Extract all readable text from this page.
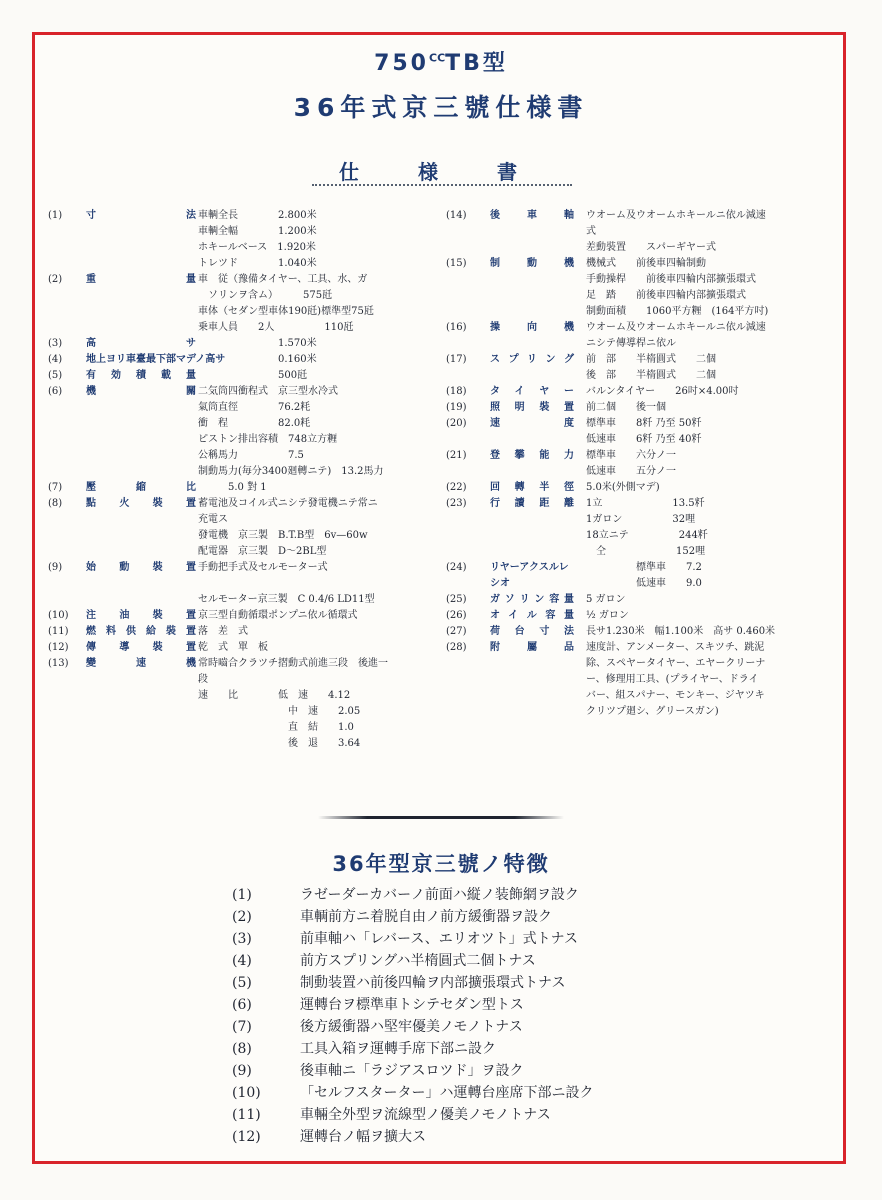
$750^{CC}TB$型
36年式京三號仕様書
仕 様 書
(1)	寸　法 車輌全長　　　　2.800米
車輌全幅　　　　1.200米
ホキールベース　1.920米
トレツド　　　　1.040米
(2)	重　量 車　従（豫備タイヤー、工具、水、ガ
　ソリンヲ含ム）　　　575瓩
車体（セダン型車体190瓩)標準型75瓩
乗車人員　　2人　　　　　110瓩
(3)	高　サ 　　　　　　　　1.570米
(4)	地上ヨリ車臺最下部マデノ高サ
　　　　　　　　0.160米
(5)	有効積載量 　　　　　　　　500瓩
(6)	機　關 二気筒四衝程式　京三型水冷式
氣筒直徑　　　　76.2粍
衝　程　　　　　82.0粍
ピストン排出容積　748立方糎
公稱馬力　　　　　7.5
制動馬力(毎分3400廻轉ニテ)　13.2馬力
(7)	壓縮比 　　　5.0 對 1
(8)	點火裝置 蓄電池及コイル式ニシテ發電機ニテ常ニ
充電ス
發電機　京三製　B.T.B型　6v—60w
配電器　京三製　D〜2BL型
(9)	始動裝置 手動把手式及セルモーター式

セルモーター京三製　C 0.4/6 LD11型
(10)	注油裝置 京三型自動循環ポンプニ依ル循環式
(11)	燃料供給裝置 落　差　式
(12)	傳導裝置 乾　式　單　板
(13)	變速機 常時嚙合クラツチ摺動式前進三段　後進一
段
速　　比　　　　低　速　　4.12
　　　　　　　　　中　速　　2.05
　　　　　　　　　直　結　　1.0
　　　　　　　　　後　退　　3.64
(14)	後車軸 ウオーム及ウオームホキールニ依ル減速
式
差動裝置　　スパーギヤー式
(15)	制動機 機械式　　前後車四輪制動
手動操桿　　前後車四輪内部擴張環式
足　踏　　前後車四輪内部擴張環式
制動面積　　1060平方糎　(164平方吋)
(16)	操向機 ウオーム及ウオームホキールニ依ル減速
ニシテ傳導桿ニ依ル
(17)	スプリング 前　部　　半楕圓式　　二個
後　部　　半楕圓式　　二個
(18)	タイヤー バルンタイヤー　　26吋×4.00吋
(19)	照明裝置 前二個　　後一個
(20)	速　度 標準車　　8粁 乃至 50粁
低速車　　6粁 乃至 40粁
(21)	登攀能力 標準車　　六分ノ一
低速車　　五分ノ一
(22)	回轉半徑 5.0米(外側マデ)
(23)	行讀距離 1立　　　　　　　13.5粁
1ガロン　　　　　32哩
18立ニテ　　　　　244粁
　仝　　　　　　　152哩
(24)	リヤーアクスルレシオ
　　　　　標準車　　7.2
　　　　　低速車　　9.0
(25)	ガソリン容量 5 ガロン
(26)	オイル容量 ½ ガロン
(27)	荷台寸法 長サ1.230米　幅1.100米　高サ 0.460米
(28)	附屬品 速度計、アンメーター、スキツチ、跳泥
除、スペヤータイヤー、エヤークリーナ
ー、修理用工具、(プライヤー、ドライ
バー、組スパナー、モンキー、ジヤツキ
クリツプ廻シ、グリースガン)
36年型京三號ノ特徴
(1)	ラゼーダーカバーノ前面ハ縦ノ装飾網ヲ設ク
(2)	車輌前方ニ着脱自由ノ前方緩衝器ヲ設ク
(3)	前車軸ハ「レバース、エリオツト」式トナス
(4)	前方スプリングハ半楕圓式二個トナス
(5)	制動装置ハ前後四輪ヲ内部擴張環式トナス
(6)	運轉台ヲ標準車トシテセダン型トス
(7)	後方緩衝器ハ堅牢優美ノモノトナス
(8)	工具入箱ヲ運轉手席下部ニ設ク
(9)	後車軸ニ「ラジアスロツド」ヲ設ク
(10)	「セルフスターター」ハ運轉台座席下部ニ設ク
(11)	車輛全外型ヲ流線型ノ優美ノモノトナス
(12)	運轉台ノ幅ヲ擴大ス
